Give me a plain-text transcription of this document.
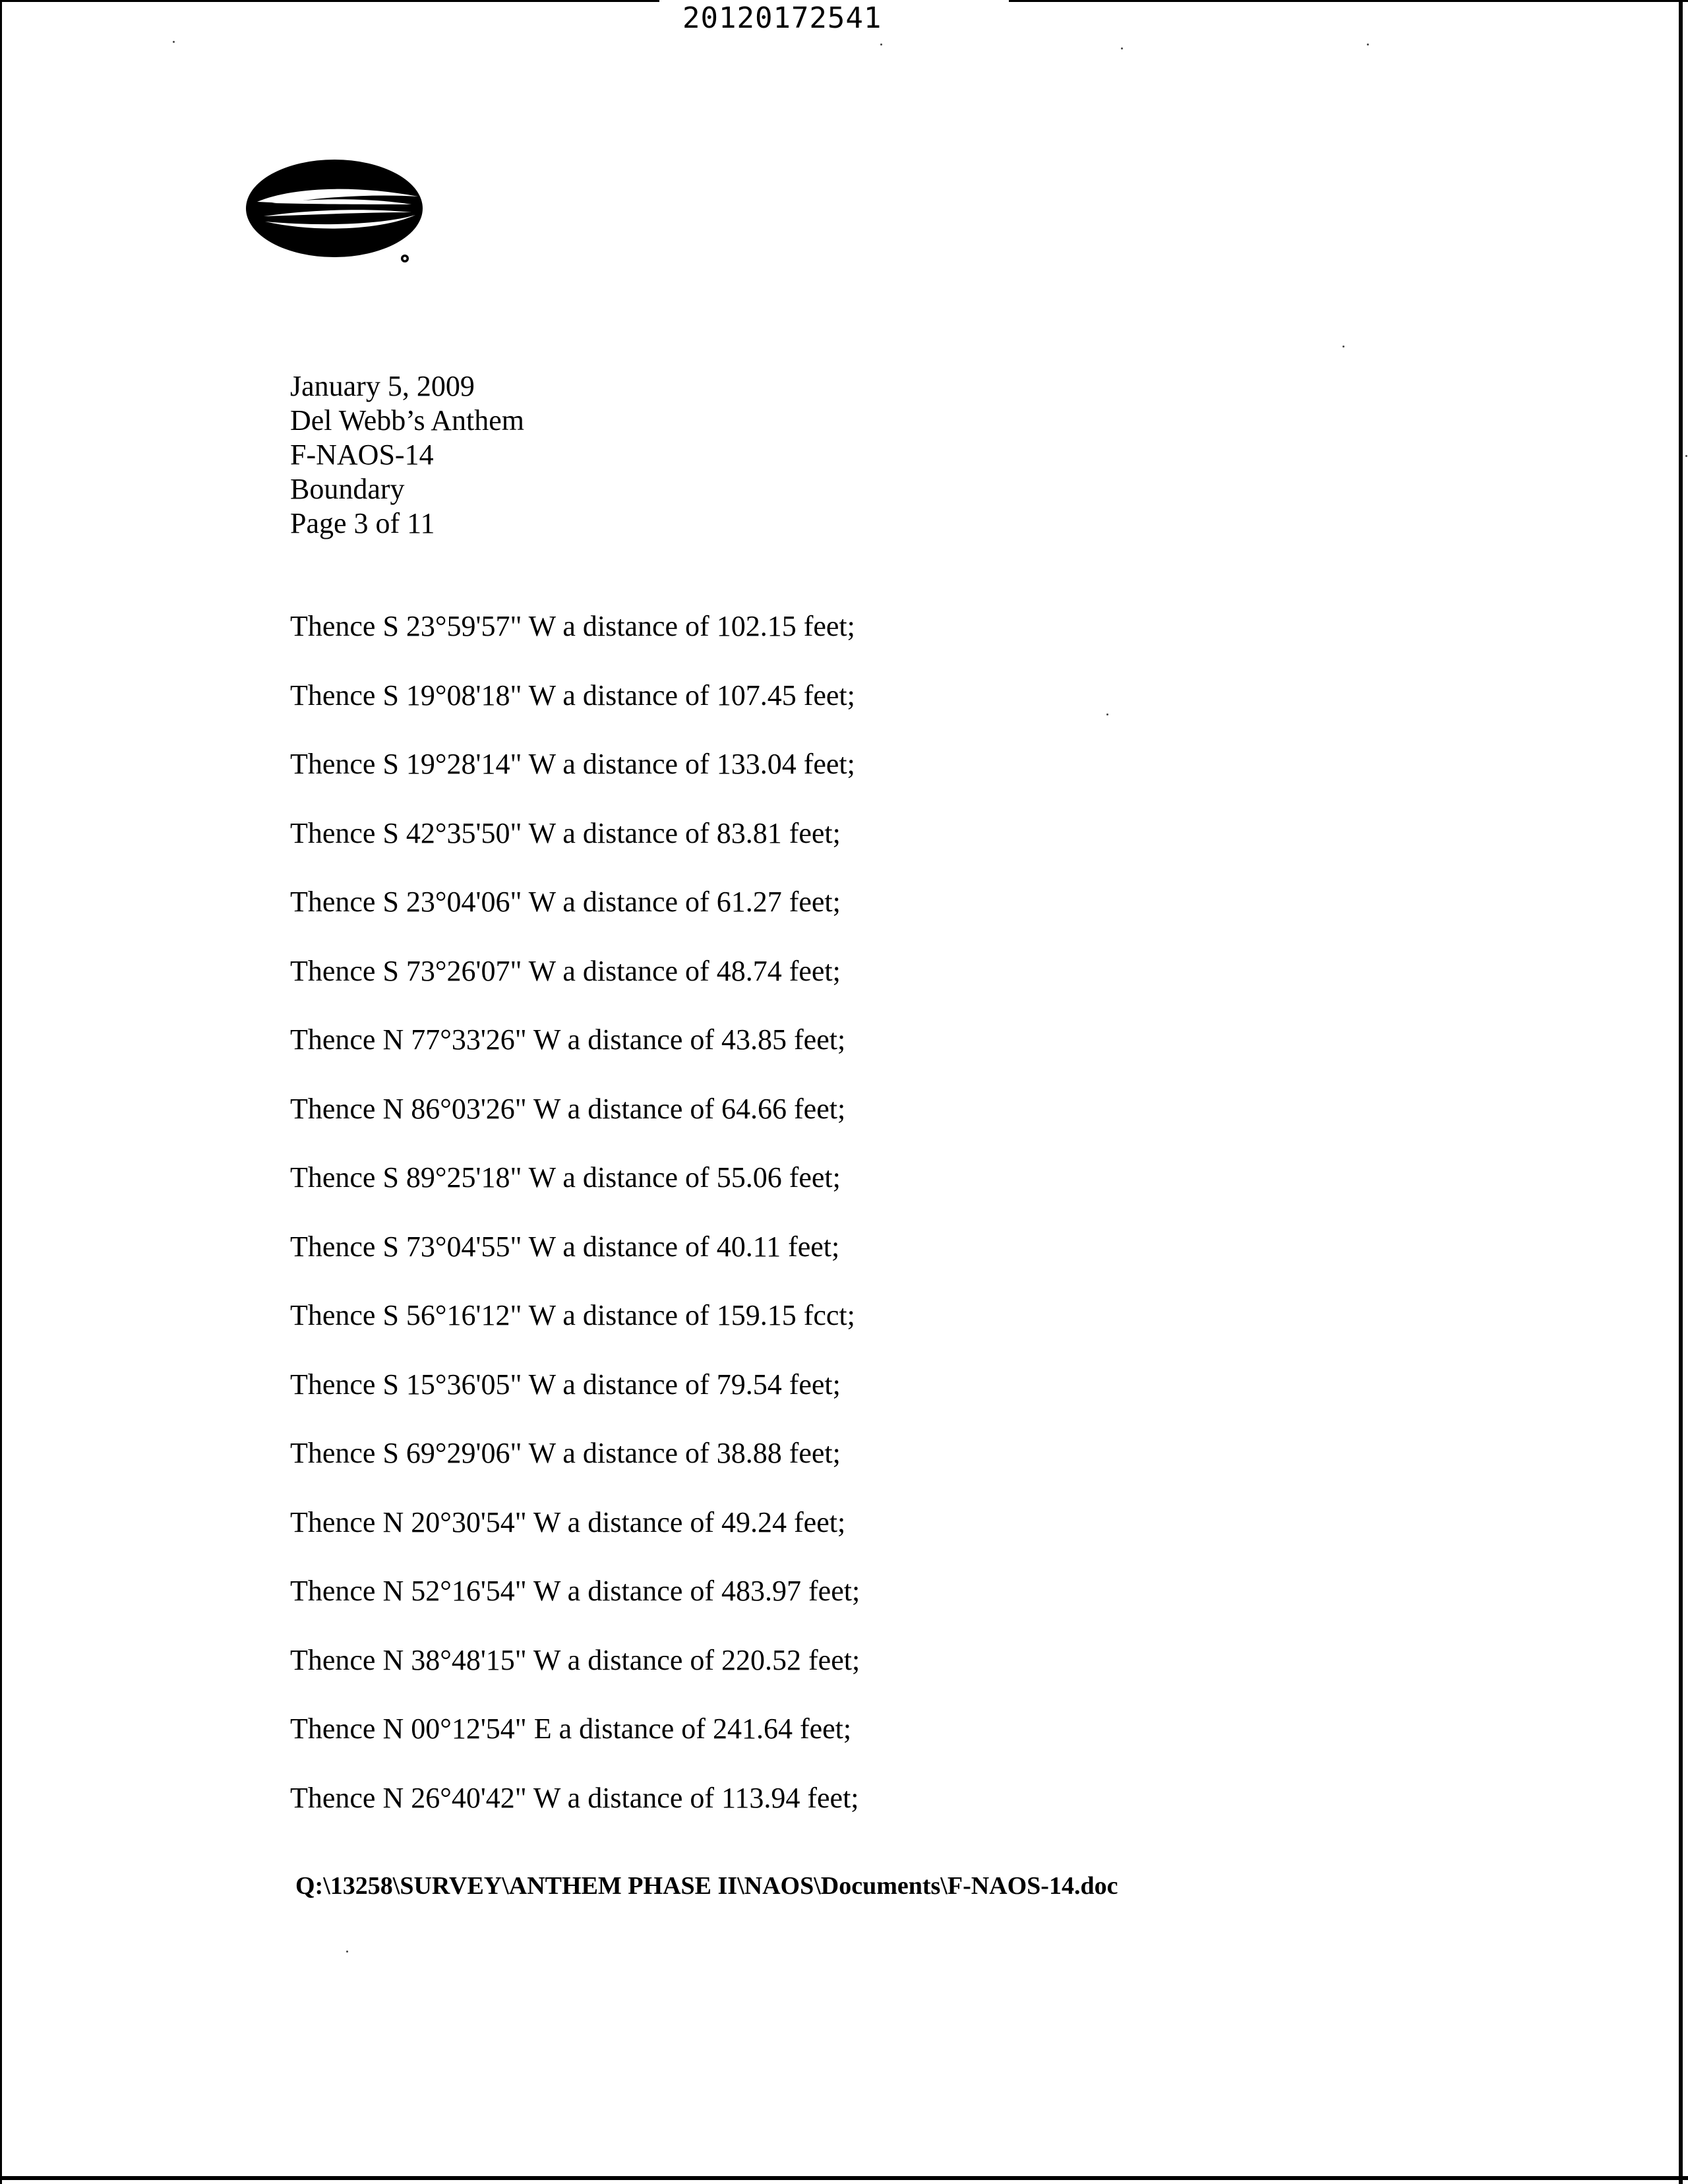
20120172541
January 5, 2009
Del Webb’s Anthem
F-NAOS-14
Boundary
Page 3 of 11
Thence S 23°59'57" W a distance of 102.15 feet;
Thence S 19°08'18" W a distance of 107.45 feet;
Thence S 19°28'14" W a distance of 133.04 feet;
Thence S 42°35'50" W a distance of 83.81 feet;
Thence S 23°04'06" W a distance of 61.27 feet;
Thence S 73°26'07" W a distance of 48.74 feet;
Thence N 77°33'26" W a distance of 43.85 feet;
Thence N 86°03'26" W a distance of 64.66 feet;
Thence S 89°25'18" W a distance of 55.06 feet;
Thence S 73°04'55" W a distance of 40.11 feet;
Thence S 56°16'12" W a distance of 159.15 fcct;
Thence S 15°36'05" W a distance of 79.54 feet;
Thence S 69°29'06" W a distance of 38.88 feet;
Thence N 20°30'54" W a distance of 49.24 feet;
Thence N 52°16'54" W a distance of 483.97 feet;
Thence N 38°48'15" W a distance of 220.52 feet;
Thence N 00°12'54" E a distance of 241.64 feet;
Thence N 26°40'42" W a distance of 113.94 feet;
Q:\13258\SURVEY\ANTHEM PHASE II\NAOS\Documents\F-NAOS-14.doc
